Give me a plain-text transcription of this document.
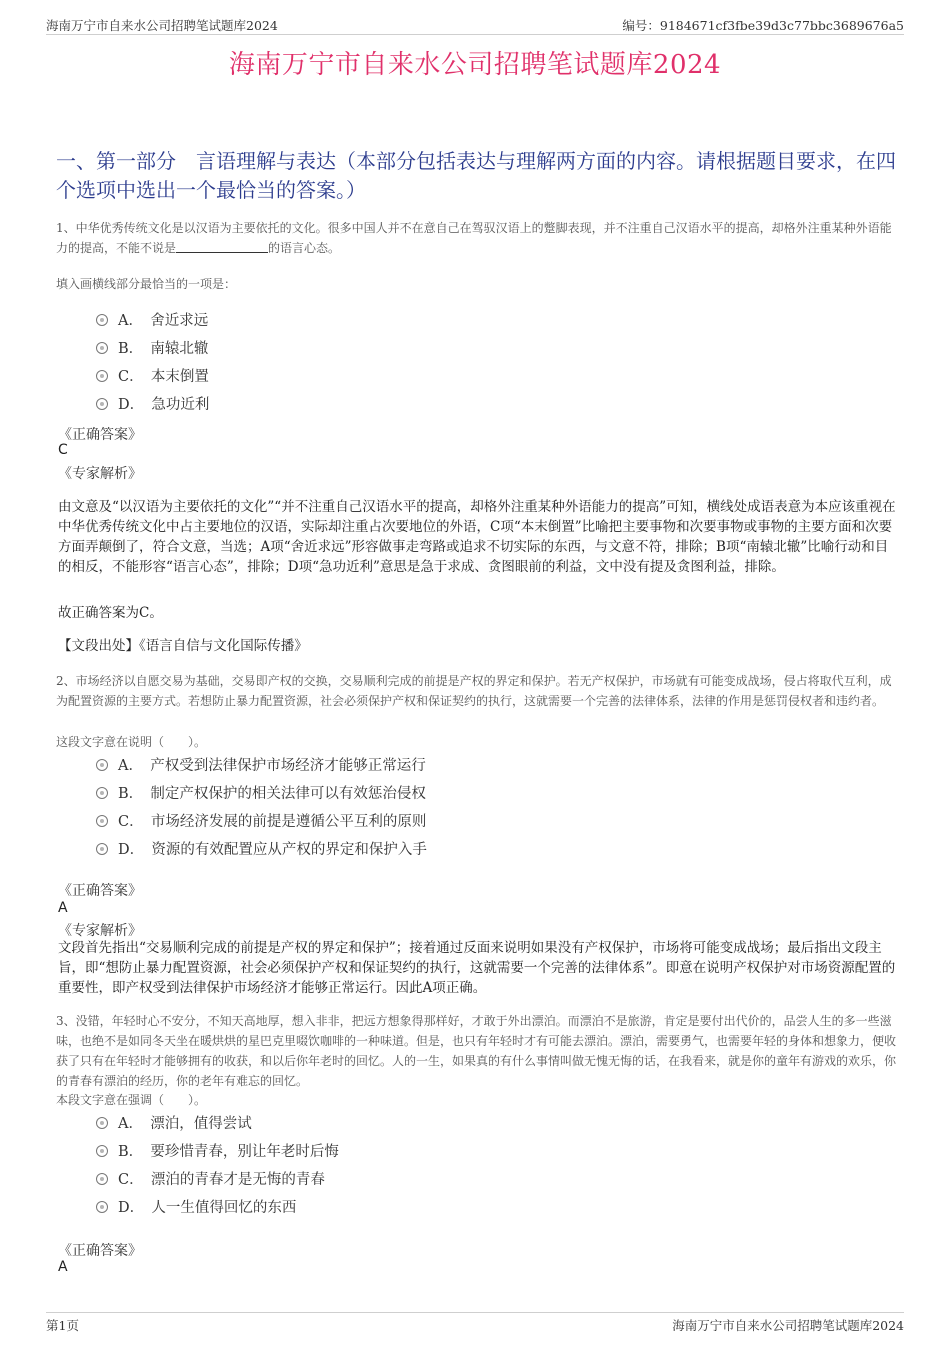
海南万宁市自来水公司招聘笔试题库2024	编号：9184671cf3fbe39d3c77bbc3689676a5
海南万宁市自来水公司招聘笔试题库2024
一、第一部分　言语理解与表达（本部分包括表达与理解两方面的内容。请根据题目要求，在四个选项中选出一个最恰当的答案。）
1、中华优秀传统文化是以汉语为主要依托的文化。很多中国人并不在意自己在驾驭汉语上的蹩脚表现，并不注重自己汉语水平的提高，却格外注重某种外语能力的提高，不能不说是	的语言心态。
填入画横线部分最恰当的一项是：
A．　 舍近求远
B．　 南辕北辙
C．　 本末倒置
D．　 急功近利
《正确答案》
C
《专家解析》
由文意及“以汉语为主要依托的文化”“并不注重自己汉语水平的提高，却格外注重某种外语能力的提高”可知，横线处成语表意为本应该重视在中华优秀传统文化中占主要地位的汉语，实际却注重占次要地位的外语，C项“本末倒置”比喻把主要事物和次要事物或事物的主要方面和次要方面弄颠倒了，符合文意，当选；A项“舍近求远”形容做事走弯路或追求不切实际的东西，与文意不符，排除；B项“南辕北辙”比喻行动和目的相反，不能形容“语言心态”，排除；D项“急功近利”意思是急于求成、贪图眼前的利益，文中没有提及贪图利益，排除。
故正确答案为C。
【文段出处】《语言自信与文化国际传播》
2、市场经济以自愿交易为基础，交易即产权的交换，交易顺利完成的前提是产权的界定和保护。若无产权保护，市场就有可能变成战场，侵占将取代互利，成为配置资源的主要方式。若想防止暴力配置资源，社会必须保护产权和保证契约的执行，这就需要一个完善的法律体系，法律的作用是惩罚侵权者和违约者。
这段文字意在说明（　　）。
A．　 产权受到法律保护市场经济才能够正常运行
B．　 制定产权保护的相关法律可以有效惩治侵权
C．　 市场经济发展的前提是遵循公平互利的原则
D．　 资源的有效配置应从产权的界定和保护入手
《正确答案》
A
《专家解析》
文段首先指出“交易顺利完成的前提是产权的界定和保护”；接着通过反面来说明如果没有产权保护，市场将可能变成战场；最后指出文段主旨，即“想防止暴力配置资源，社会必须保护产权和保证契约的执行，这就需要一个完善的法律体系”。即意在说明产权保护对市场资源配置的重要性，即产权受到法律保护市场经济才能够正常运行。因此A项正确。
3、没错，年轻时心不安分，不知天高地厚，想入非非，把远方想象得那样好，才敢于外出漂泊。而漂泊不是旅游，肯定是要付出代价的，品尝人生的多一些滋味，也绝不是如同冬天坐在暖烘烘的星巴克里啜饮咖啡的一种味道。但是，也只有年轻时才有可能去漂泊。漂泊，需要勇气，也需要年轻的身体和想象力，便收获了只有在年轻时才能够拥有的收获，和以后你年老时的回忆。人的一生，如果真的有什么事情叫做无愧无悔的话，在我看来，就是你的童年有游戏的欢乐，你的青春有漂泊的经历，你的老年有难忘的回忆。
本段文字意在强调（　　）。
A．　 漂泊，值得尝试
B．　 要珍惜青春，别让年老时后悔
C．　 漂泊的青春才是无悔的青春
D．　 人一生值得回忆的东西
《正确答案》
A
第1页	海南万宁市自来水公司招聘笔试题库2024
